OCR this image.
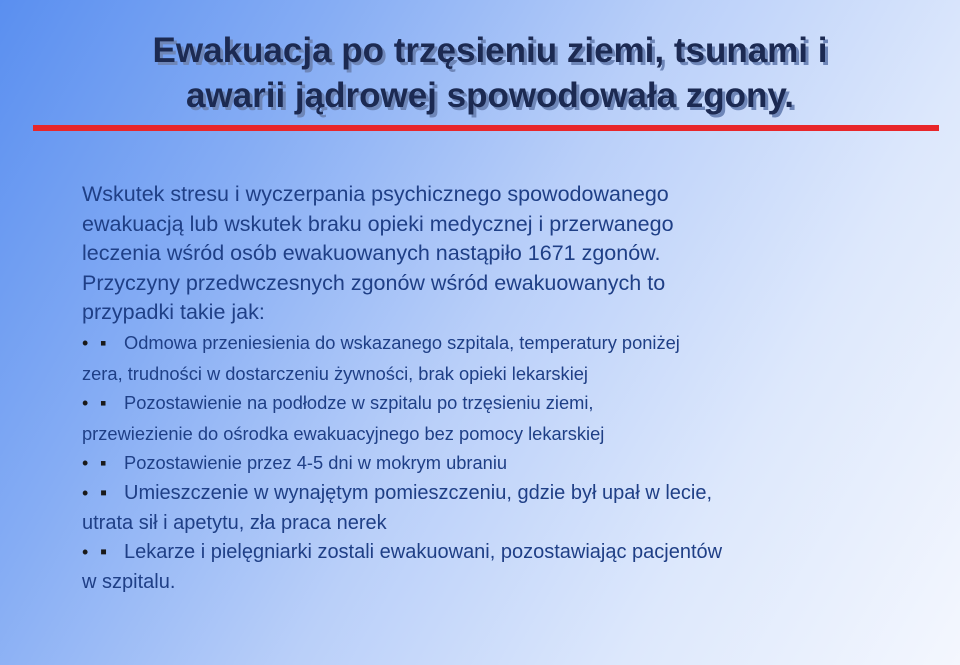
Ewakuacja po trzęsieniu ziemi, tsunami i
awarii jądrowej spowodowała zgony.

Wskutek stresu i wyczerpania psychicznego spowodowanego
ewakuacją lub wskutek braku opieki medycznej i przerwanego
leczenia wśród osób ewakuowanych nastąpiło 1671 zgonów.
Przyczyny przedwczesnych zgonów wśród ewakuowanych to
przypadki takie jak:

• ▪ Odmowa przeniesienia do wskazanego szpitala, temperatury poniżej
zera, trudności w dostarczeniu żywności, brak opieki lekarskiej
• ▪ Pozostawienie na podłodze w szpitalu po trzęsieniu ziemi,
przewiezienie do ośrodka ewakuacyjnego bez pomocy lekarskiej
• ▪ Pozostawienie przez 4-5 dni w mokrym ubraniu
• ▪ Umieszczenie w wynajętym pomieszczeniu, gdzie był upał w lecie,
utrata sił i apetytu, zła praca nerek
• ▪ Lekarze i pielęgniarki zostali ewakuowani, pozostawiając pacjentów
w szpitalu.
